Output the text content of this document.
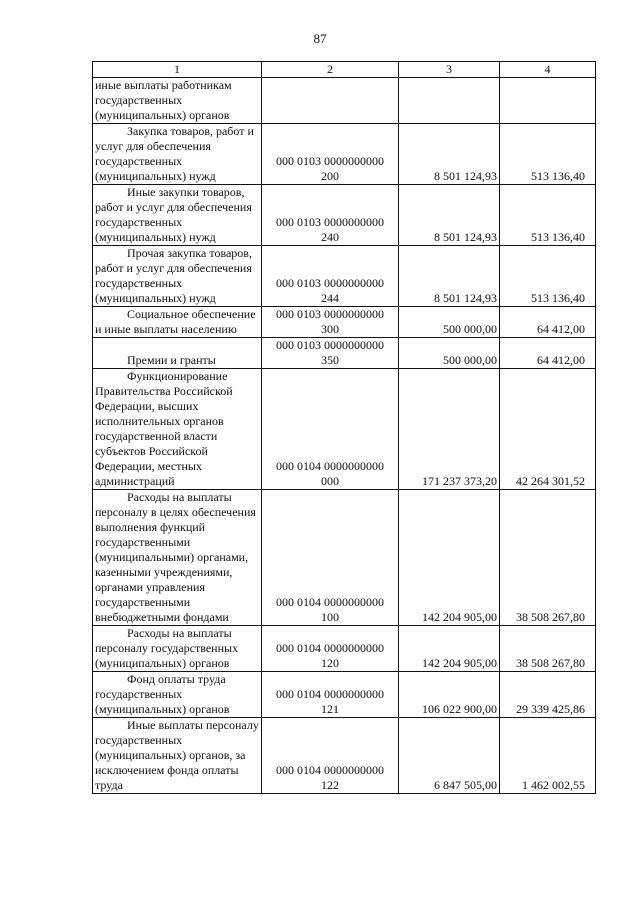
87
1	2	3	4

иные выплаты работникам государственных (муниципальных) органов			

Закупка товаров, работ и услуг для обеспечения государственных (муниципальных) нужд	000 0103 0000000000
200	8 501 124,93	513 136,40

Иные закупки товаров, работ и услуг для обеспечения государственных (муниципальных) нужд	000 0103 0000000000
240	8 501 124,93	513 136,40

Прочая закупка товаров, работ и услуг для обеспечения государственных (муниципальных) нужд	000 0103 0000000000
244	8 501 124,93	513 136,40

Социальное обеспечение и иные выплаты населению	000 0103 0000000000
300	500 000,00	64 412,00

Премии и гранты	000 0103 0000000000
350	500 000,00	64 412,00

Функционирование Правительства Российской Федерации, высших исполнительных органов государственной власти субъектов Российской Федерации, местных администраций	000 0104 0000000000
000	171 237 373,20	42 264 301,52

Расходы на выплаты персоналу в целях обеспечения выполнения функций государственными (муниципальными) органами, казенными учреждениями, органами управления государственными внебюджетными фондами	000 0104 0000000000
100	142 204 905,00	38 508 267,80

Расходы на выплаты персоналу государственных (муниципальных) органов	000 0104 0000000000
120	142 204 905,00	38 508 267,80

Фонд оплаты труда государственных (муниципальных) органов	000 0104 0000000000
121	106 022 900,00	29 339 425,86

Иные выплаты персоналу государственных (муниципальных) органов, за исключением фонда оплаты труда	000 0104 0000000000
122	6 847 505,00	1 462 002,55
